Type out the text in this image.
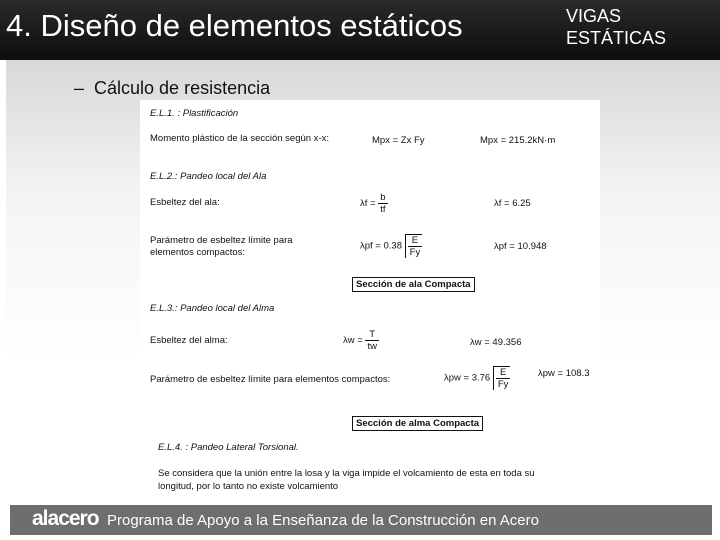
4. Diseño de elementos estáticos	VIGAS
ESTÁTICAS
– Cálculo de resistencia
E.L.1. : Plastificación
Momento plástico de la sección según x-x:	Mpx = Zx Fy	Mpx = 215.2kN·m
E.L.2.: Pandeo local del Ala
Esbeltez del ala:	$\lambda f = \frac{b}{tf}$	λf = 6.25
Parámetro de esbeltez límite para
elementos compactos:
$\lambda pf = 0.38 \frac{E}{Fy}$	λpf = 10.948
Sección de ala Compacta
E.L.3.: Pandeo local del Alma
Esbeltez del alma:	$\lambda w = \frac{T}{tw}$	λw = 49.356
Parámetro de esbeltez límite para elementos compactos:	$\lambda pw = 3.76 \frac{E}{Fy}$	λpw = 108.3
Sección de alma Compacta
E.L.4. : Pandeo Lateral Torsional.
Se considera que la unión entre la losa y la viga impide el volcamiento de esta en toda su
longitud, por lo tanto no existe volcamiento
alacero Programa de Apoyo a la Enseñanza de la Construcción en Acero
